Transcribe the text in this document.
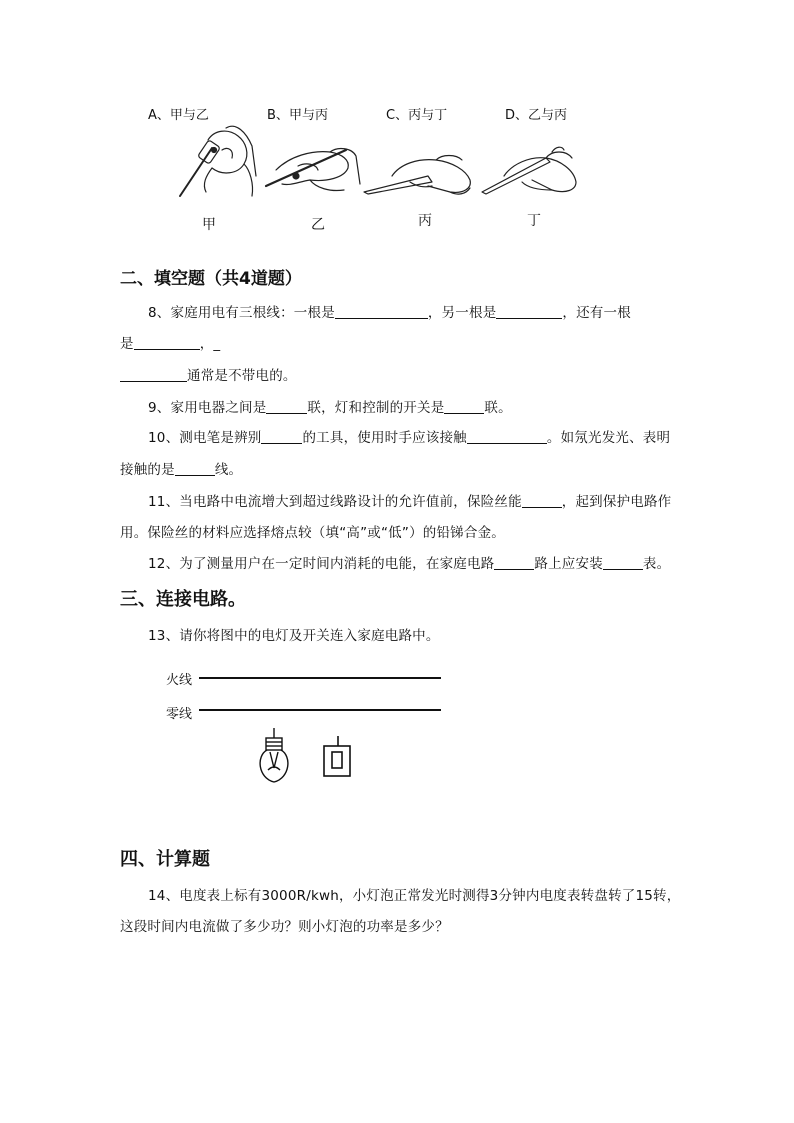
A、甲与乙	B、甲与丙	C、丙与丁	D、乙与丙
甲	乙	丙	丁
二、填空题（共4道题）
8、家庭用电有三根线：一根是	，另一根是	，还有一根
是	，_
通常是不带电的。
9、家用电器之间是	联，灯和控制的开关是	联。
10、测电笔是辨别	的工具，使用时手应该接触	。如氖光发光、表明
接触的是	线。
11、当电路中电流增大到超过线路设计的允许值前，保险丝能	，起到保护电路作
用。保险丝的材料应选择熔点较（填“高”或“低”）的铅锑合金。
12、为了测量用户在一定时间内消耗的电能，在家庭电路	路上应安装	表。
三、连接电路。
13、请你将图中的电灯及开关连入家庭电路中。
火线
零线
四、计算题
14、电度表上标有3000R/kwh，小灯泡正常发光时测得3分钟内电度表转盘转了15转，
这段时间内电流做了多少功？则小灯泡的功率是多少？
